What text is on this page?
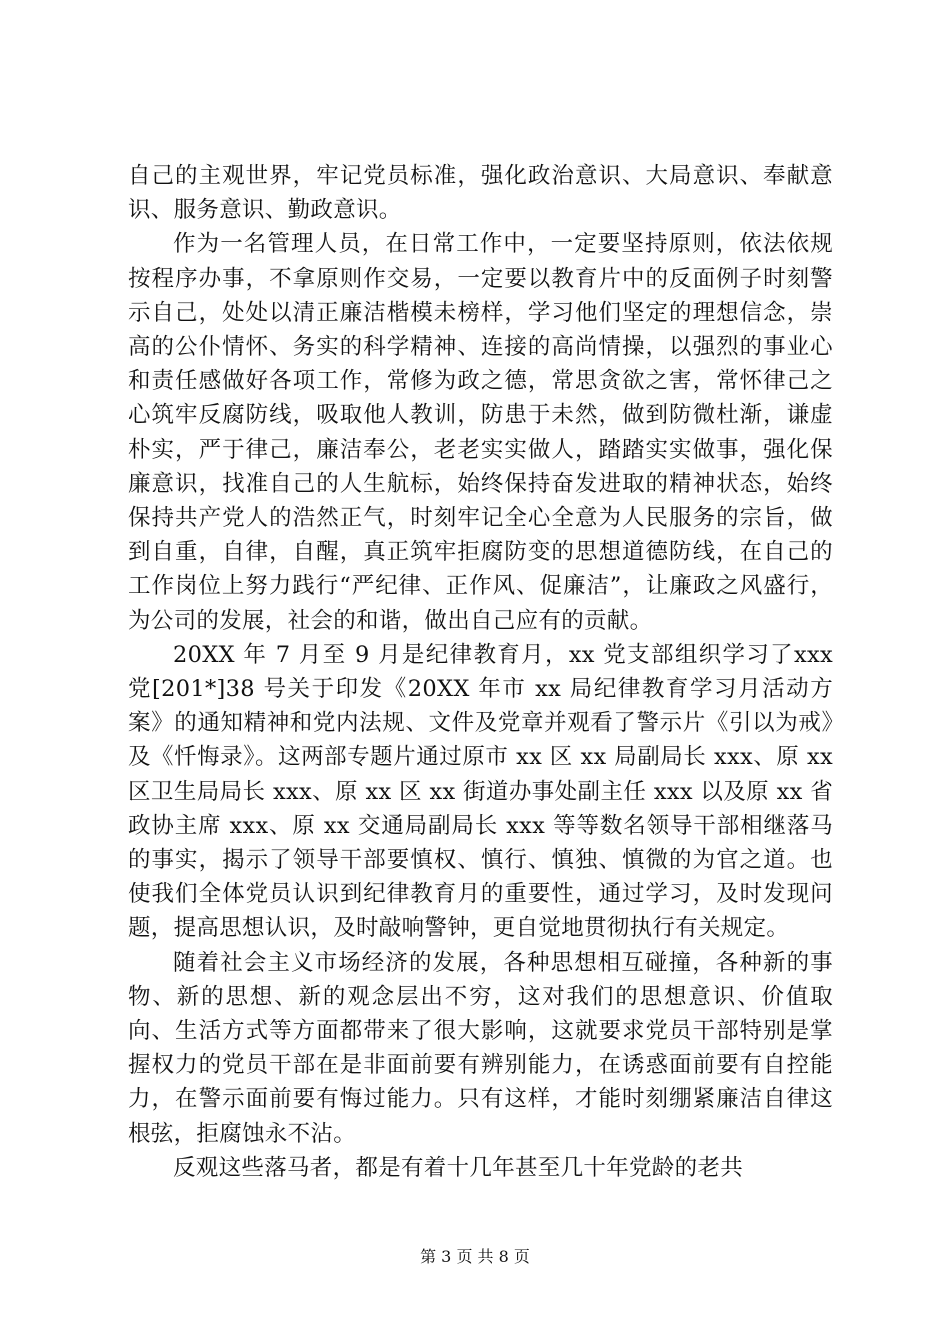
自己的主观世界，牢记党员标准，强化政治意识、大局意识、奉献意识、服务意识、勤政意识。

作为一名管理人员，在日常工作中，一定要坚持原则，依法依规按程序办事，不拿原则作交易，一定要以教育片中的反面例子时刻警示自己，处处以清正廉洁楷模未榜样，学习他们坚定的理想信念，崇高的公仆情怀、务实的科学精神、连接的高尚情操，以强烈的事业心和责任感做好各项工作，常修为政之德，常思贪欲之害，常怀律己之心筑牢反腐防线，吸取他人教训，防患于未然，做到防微杜渐，谦虚朴实，严于律己，廉洁奉公，老老实实做人，踏踏实实做事，强化保廉意识，找准自己的人生航标，始终保持奋发进取的精神状态，始终保持共产党人的浩然正气，时刻牢记全心全意为人民服务的宗旨，做到自重，自律，自醒，真正筑牢拒腐防变的思想道德防线，在自己的工作岗位上努力践行“严纪律、正作风、促廉洁”，让廉政之风盛行，为公司的发展，社会的和谐，做出自己应有的贡献。

20XX 年 7 月至 9 月是纪律教育月，xx 党支部组织学习了xxx 党[201*]38 号关于印发《20XX 年市 xx 局纪律教育学习月活动方案》的通知精神和党内法规、文件及党章并观看了警示片《引以为戒》及《忏悔录》。这两部专题片通过原市 xx 区 xx 局副局长 xxx、原 xx 区卫生局局长 xxx、原 xx 区 xx 街道办事处副主任 xxx 以及原 xx 省政协主席 xxx、原 xx 交通局副局长 xxx 等等数名领导干部相继落马的事实，揭示了领导干部要慎权、慎行、慎独、慎微的为官之道。也使我们全体党员认识到纪律教育月的重要性，通过学习，及时发现问题，提高思想认识，及时敲响警钟，更自觉地贯彻执行有关规定。

随着社会主义市场经济的发展，各种思想相互碰撞，各种新的事物、新的思想、新的观念层出不穷，这对我们的思想意识、价值取向、生活方式等方面都带来了很大影响，这就要求党员干部特别是掌握权力的党员干部在是非面前要有辨别能力，在诱惑面前要有自控能力，在警示面前要有悔过能力。只有这样，才能时刻绷紧廉洁自律这根弦，拒腐蚀永不沾。

反观这些落马者，都是有着十几年甚至几十年党龄的老共

第 3 页 共 8 页
